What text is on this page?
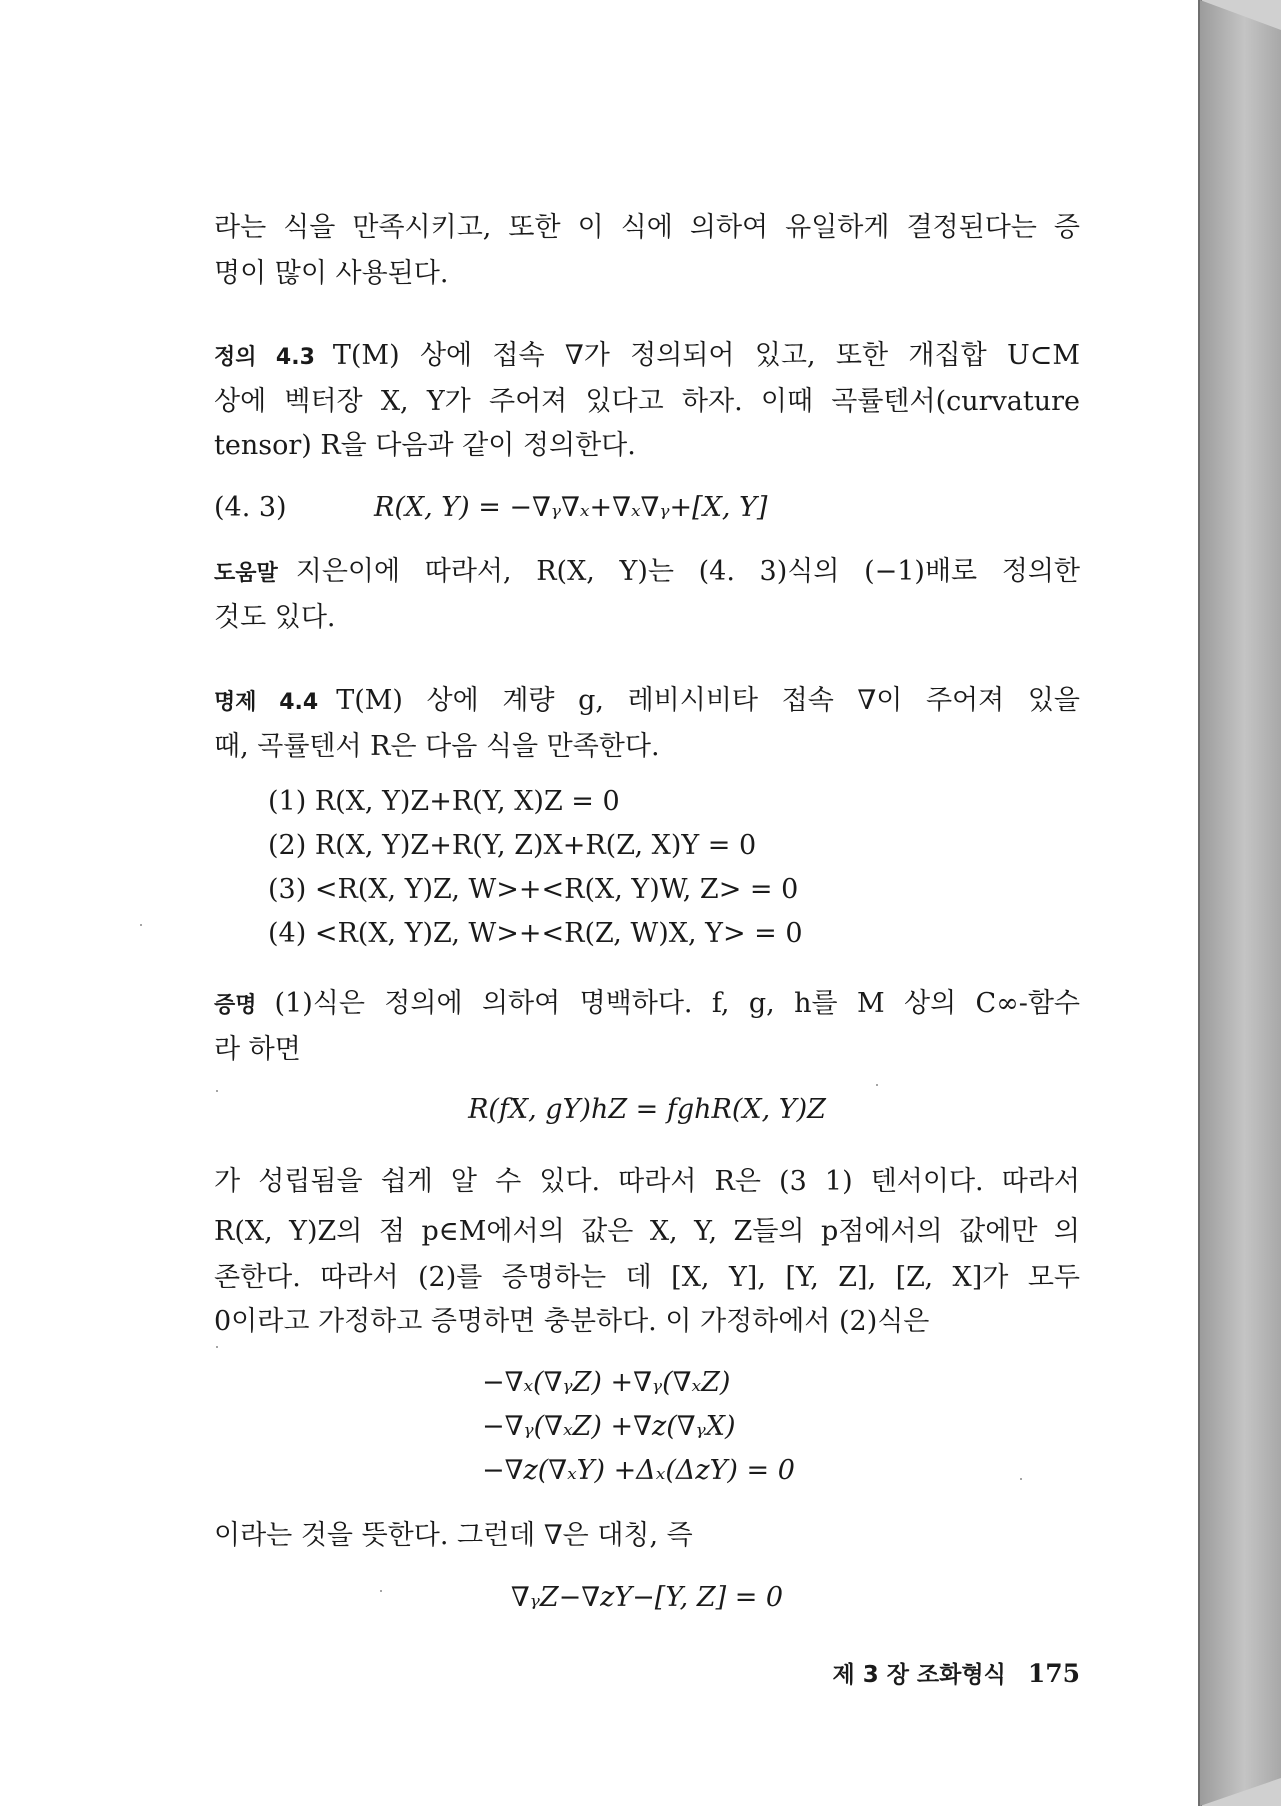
라는 식을 만족시키고, 또한 이 식에 의하여 유일하게 결정된다는 증
명이 많이 사용된다.
정의 4.3 T(M) 상에 접속 ∇가 정의되어 있고, 또한 개집합 U⊂M
상에 벡터장 X, Y가 주어져 있다고 하자. 이때 곡률텐서(curvature
tensor) R을 다음과 같이 정의한다.
(4. 3)	R(X, Y) = −∇ᵧ∇ₓ+∇ₓ∇ᵧ+[X, Y]
도움말 지은이에 따라서, R(X, Y)는 (4. 3)식의 (−1)배로 정의한
것도 있다.
명제 4.4 T(M) 상에 계량 g, 레비시비타 접속 ∇이 주어져 있을
때, 곡률텐서 R은 다음 식을 만족한다.
(1) R(X, Y)Z+R(Y, X)Z = 0
(2) R(X, Y)Z+R(Y, Z)X+R(Z, X)Y = 0
(3) <R(X, Y)Z, W>+<R(X, Y)W, Z> = 0
(4) <R(X, Y)Z, W>+<R(Z, W)X, Y> = 0
증명 (1)식은 정의에 의하여 명백하다. f, g, h를 M 상의 C∞-함수
라 하면
R(fX, gY)hZ = fghR(X, Y)Z
가 성립됨을 쉽게 알 수 있다. 따라서 R은 (3 1) 텐서이다. 따라서
R(X, Y)Z의 점 p∈M에서의 값은 X, Y, Z들의 p점에서의 값에만 의
존한다. 따라서 (2)를 증명하는 데 [X, Y], [Y, Z], [Z, X]가 모두
0이라고 가정하고 증명하면 충분하다. 이 가정하에서 (2)식은
−∇ₓ(∇ᵧZ) +∇ᵧ(∇ₓZ)
−∇ᵧ(∇ₓZ) +∇z(∇ᵧX)
−∇z(∇ₓY) +Δₓ(ΔzY) = 0
이라는 것을 뜻한다. 그런데 ∇은 대칭, 즉
∇ᵧZ−∇zY−[Y, Z] = 0
제 3 장 조화형식 175
